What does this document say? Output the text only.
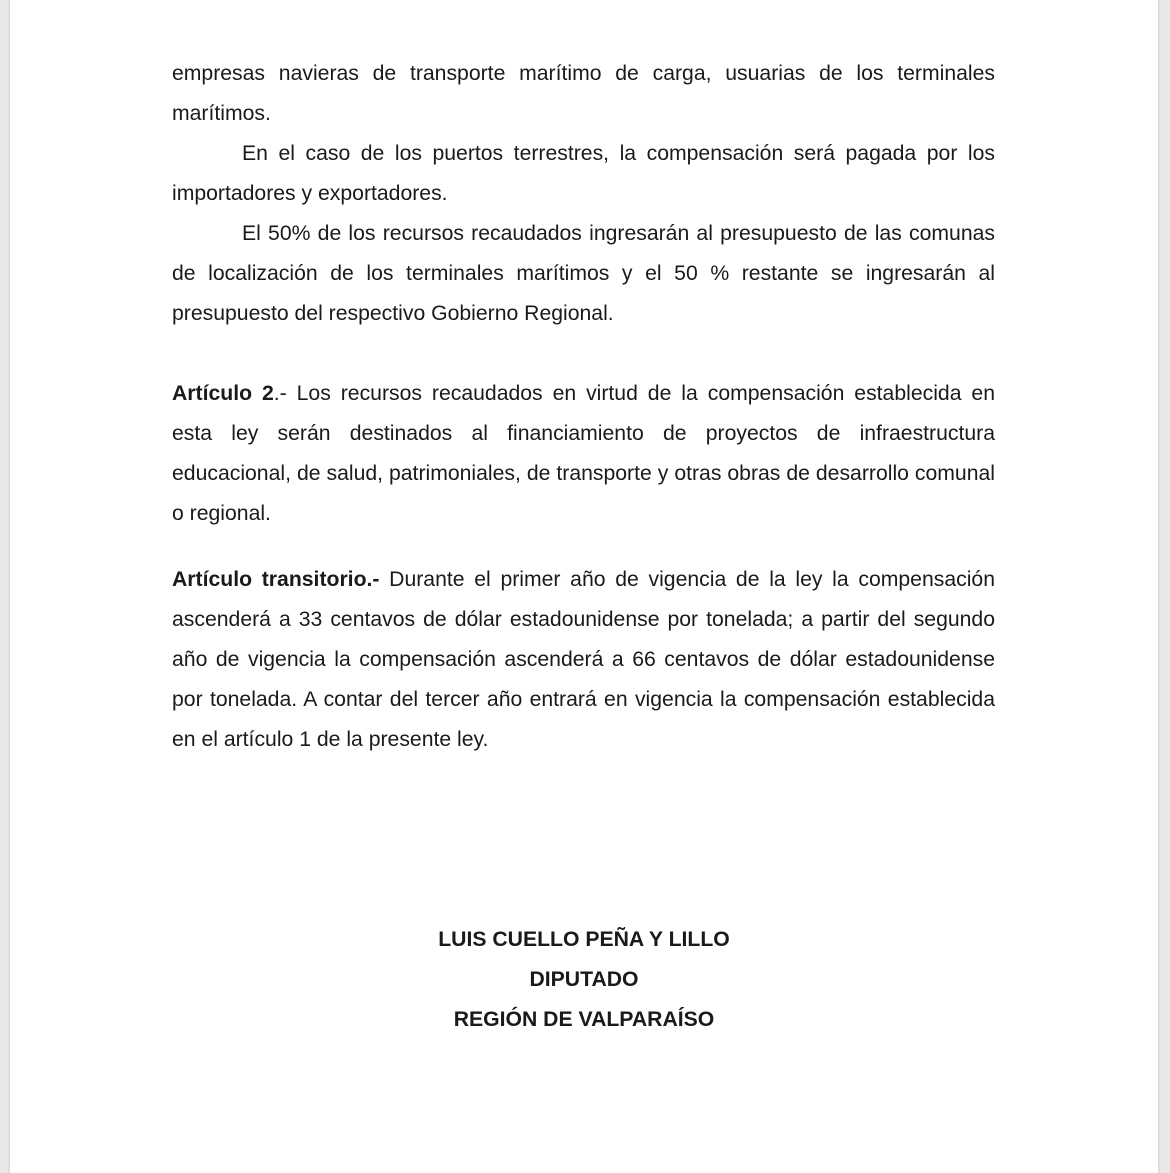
empresas navieras de transporte marítimo de carga, usuarias de los terminales marítimos.

En el caso de los puertos terrestres, la compensación será pagada por los importadores y exportadores.

El 50% de los recursos recaudados ingresarán al presupuesto de las comunas de localización de los terminales marítimos y el 50 % restante se ingresarán al presupuesto del respectivo Gobierno Regional.

Artículo 2.- Los recursos recaudados en virtud de la compensación establecida en esta ley serán destinados al financiamiento de proyectos de infraestructura educacional, de salud, patrimoniales, de transporte y otras obras de desarrollo comunal o regional.

Artículo transitorio.- Durante el primer año de vigencia de la ley la compensación ascenderá a 33 centavos de dólar estadounidense por tonelada; a partir del segundo año de vigencia la compensación ascenderá a 66 centavos de dólar estadounidense por tonelada. A contar del tercer año entrará en vigencia la compensación establecida en el artículo 1 de la presente ley.

LUIS CUELLO PEÑA Y LILLO
DIPUTADO
REGIÓN DE VALPARAÍSO
